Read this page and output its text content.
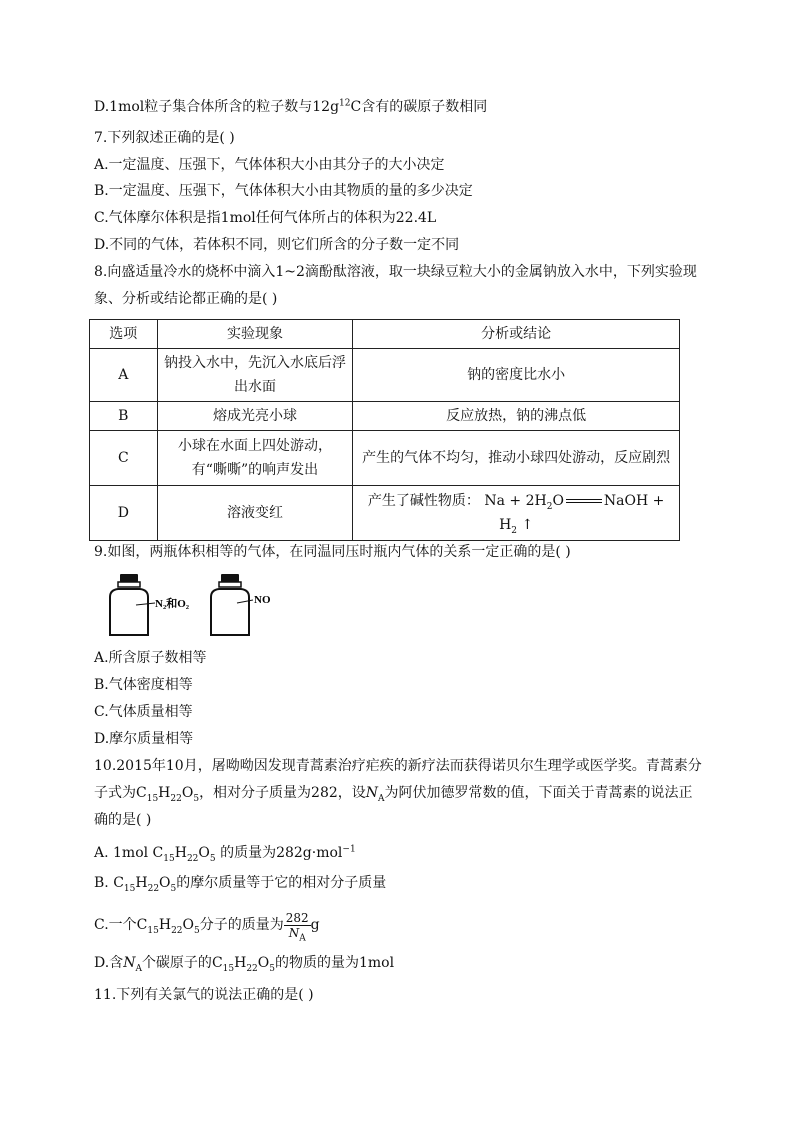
D.1mol粒子集合体所含的粒子数与$12g^{12}C$含有的碳原子数相同
7.下列叙述正确的是( )
A.一定温度、压强下，气体体积大小由其分子的大小决定
B.一定温度、压强下，气体体积大小由其物质的量的多少决定
C.气体摩尔体积是指1mol任何气体所占的体积为22.4L
D.不同的气体，若体积不同，则它们所含的分子数一定不同
8.向盛适量冷水的烧杯中滴入1~2滴酚酞溶液，取一块绿豆粒大小的金属钠放入水中，下列实验现
象、分析或结论都正确的是( )
选项	实验现象	分析或结论
A	钠投入水中，先沉入水底后浮出水面	钠的密度比水小
B	熔成光亮小球	反应放热，钠的沸点低
C	小球在水面上四处游动，有“嘶嘶”的响声发出	产生的气体不均匀，推动小球四处游动，反应剧烈
D	溶液变红	产生了碱性物质： $Na + 2H_2O$ NaOH + $H_2$ ↑
9.如图，两瓶体积相等的气体，在同温同压时瓶内气体的关系一定正确的是( )
N₂和O₂	NO
A.所含原子数相等
B.气体密度相等
C.气体质量相等
D.摩尔质量相等
10.2015年10月，屠呦呦因发现青蒿素治疗疟疾的新疗法而获得诺贝尔生理学或医学奖。青蒿素分
子式为$C_{15}H_{22}O_5$，相对分子质量为282，设$N_A$为阿伏加德罗常数的值，下面关于青蒿素的说法正
确的是( )
A. 1mol $C_{15}H_{22}O_5$ 的质量为282g·mol$^{-1}$
B. $C_{15}H_{22}O_5$的摩尔质量等于它的相对分子质量
C.一个$C_{15}H_{22}O_5$分子的质量为 $\frac{282}{N_A}$ g
D.含$N_A$个碳原子的$C_{15}H_{22}O_5$的物质的量为1mol
11.下列有关氯气的说法正确的是( )
